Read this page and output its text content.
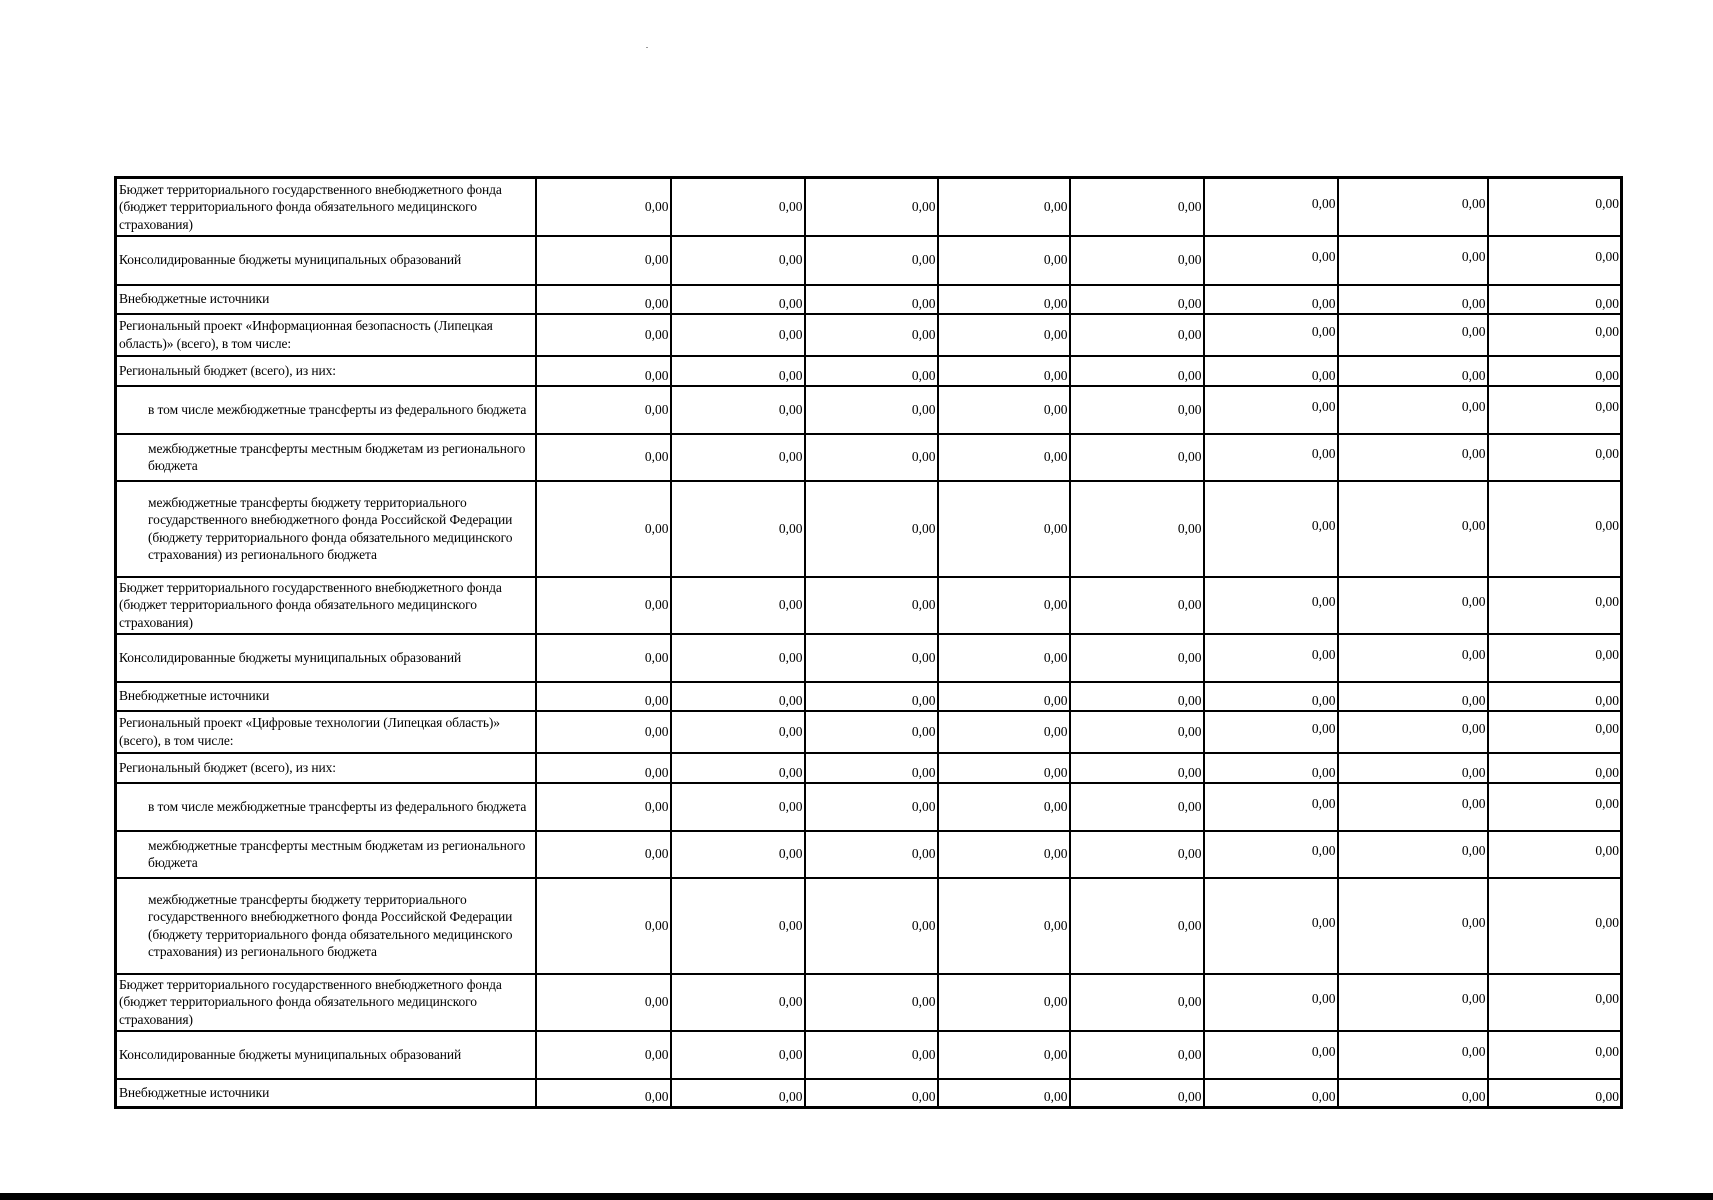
Бюджет территориального государственного внебюджетного фонда (бюджет территориального фонда обязательного медицинского страхования)	0,00	0,00	0,00	0,00	0,00	0,00	0,00	0,00
Консолидированные бюджеты муниципальных образований	0,00	0,00	0,00	0,00	0,00	0,00	0,00	0,00
Внебюджетные источники	0,00	0,00	0,00	0,00	0,00	0,00	0,00	0,00
Региональный проект «Информационная безопасность (Липецкая область)» (всего), в том числе:	0,00	0,00	0,00	0,00	0,00	0,00	0,00	0,00
Региональный бюджет (всего), из них:	0,00	0,00	0,00	0,00	0,00	0,00	0,00	0,00
в том числе межбюджетные трансферты из федерального бюджета	0,00	0,00	0,00	0,00	0,00	0,00	0,00	0,00
межбюджетные трансферты местным бюджетам из регионального бюджета	0,00	0,00	0,00	0,00	0,00	0,00	0,00	0,00
межбюджетные трансферты бюджету территориального государственного внебюджетного фонда Российской Федерации (бюджету территориального фонда обязательного медицинского страхования) из регионального бюджета	0,00	0,00	0,00	0,00	0,00	0,00	0,00	0,00
Бюджет территориального государственного внебюджетного фонда (бюджет территориального фонда обязательного медицинского страхования)	0,00	0,00	0,00	0,00	0,00	0,00	0,00	0,00
Консолидированные бюджеты муниципальных образований	0,00	0,00	0,00	0,00	0,00	0,00	0,00	0,00
Внебюджетные источники	0,00	0,00	0,00	0,00	0,00	0,00	0,00	0,00
Региональный проект «Цифровые технологии (Липецкая область)» (всего), в том числе:	0,00	0,00	0,00	0,00	0,00	0,00	0,00	0,00
Региональный бюджет (всего), из них:	0,00	0,00	0,00	0,00	0,00	0,00	0,00	0,00
в том числе межбюджетные трансферты из федерального бюджета	0,00	0,00	0,00	0,00	0,00	0,00	0,00	0,00
межбюджетные трансферты местным бюджетам из регионального бюджета	0,00	0,00	0,00	0,00	0,00	0,00	0,00	0,00
межбюджетные трансферты бюджету территориального государственного внебюджетного фонда Российской Федерации (бюджету территориального фонда обязательного медицинского страхования) из регионального бюджета	0,00	0,00	0,00	0,00	0,00	0,00	0,00	0,00
Бюджет территориального государственного внебюджетного фонда (бюджет территориального фонда обязательного медицинского страхования)	0,00	0,00	0,00	0,00	0,00	0,00	0,00	0,00
Консолидированные бюджеты муниципальных образований	0,00	0,00	0,00	0,00	0,00	0,00	0,00	0,00
Внебюджетные источники	0,00	0,00	0,00	0,00	0,00	0,00	0,00	0,00
